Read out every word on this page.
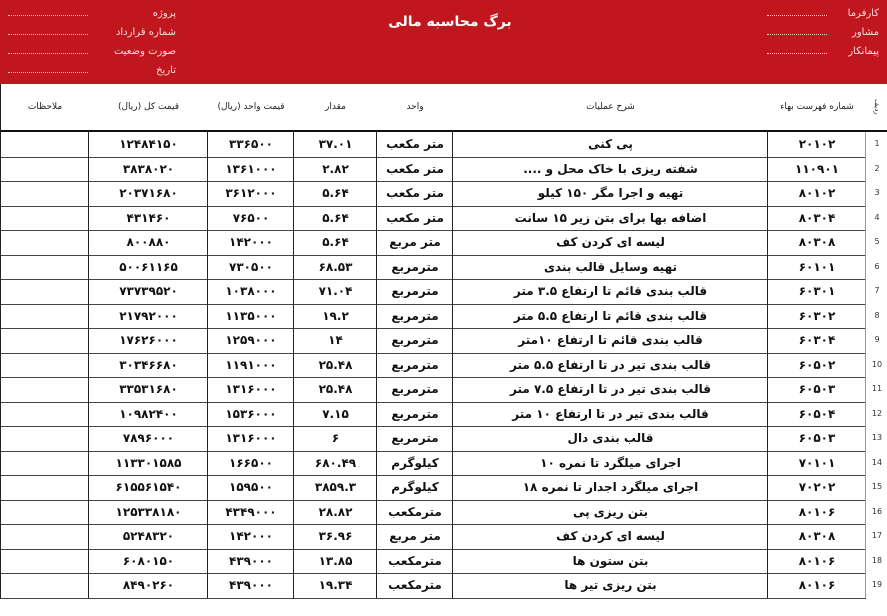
برگ محاسبه مالی
کارفرما
مشاور
پیمانکار
پروژه
شماره قرارداد
صورت وضعیت
تاریخ
ردیف
شماره فهرست بهاء
شرح عملیات
واحد
مقدار
قیمت واحد (ریال)
قیمت کل (ریال)
ملاحظات
1
۲۰۱۰۲
پی کنی
متر مکعب
۳۷.۰۱
۳۳۶۵۰۰
۱۲۴۸۴۱۵۰
2
۱۱۰۹۰۱
شفته ریزی با خاک محل و ....
متر مکعب
۲.۸۲
۱۳۶۱۰۰۰
۳۸۳۸۰۲۰
3
۸۰۱۰۲
تهیه و اجرا مگر ۱۵۰ کیلو
متر مکعب
۵.۶۴
۳۶۱۲۰۰۰
۲۰۳۷۱۶۸۰
4
۸۰۳۰۴
اضافه بها برای بتن زیر ۱۵ سانت
متر مکعب
۵.۶۴
۷۶۵۰۰
۴۳۱۴۶۰
5
۸۰۳۰۸
لیسه ای کردن کف
متر مربع
۵.۶۴
۱۴۲۰۰۰
۸۰۰۸۸۰
6
۶۰۱۰۱
تهیه وسایل قالب بندی
مترمربع
۶۸.۵۳
۷۳۰۵۰۰
۵۰۰۶۱۱۶۵
7
۶۰۳۰۱
قالب بندی قائم تا ارتفاع ۳.۵ متر
مترمربع
۷۱.۰۴
۱۰۳۸۰۰۰
۷۳۷۳۹۵۲۰
8
۶۰۳۰۲
قالب بندی قائم تا ارتفاع ۵.۵ متر
مترمربع
۱۹.۲
۱۱۳۵۰۰۰
۲۱۷۹۲۰۰۰
9
۶۰۳۰۴
قالب بندی قائم تا ارتفاع ۱۰متر
مترمربع
۱۴
۱۲۵۹۰۰۰
۱۷۶۲۶۰۰۰
10
۶۰۵۰۲
قالب بندی تیر در تا ارتفاع ۵.۵ متر
مترمربع
۲۵.۴۸
۱۱۹۱۰۰۰
۳۰۳۴۶۶۸۰
11
۶۰۵۰۳
قالب بندی تیر در تا ارتفاع ۷.۵ متر
مترمربع
۲۵.۴۸
۱۳۱۶۰۰۰
۳۳۵۳۱۶۸۰
12
۶۰۵۰۴
قالب بندی تیر در تا ارتفاع ۱۰ متر
مترمربع
۷.۱۵
۱۵۳۶۰۰۰
۱۰۹۸۲۴۰۰
13
۶۰۵۰۳
قالب بندی دال
مترمربع
۶
۱۳۱۶۰۰۰
۷۸۹۶۰۰۰
14
۷۰۱۰۱
اجرای میلگرد تا نمره ۱۰
کیلوگرم
۶۸۰.۴۹
۱۶۶۵۰۰
۱۱۳۳۰۱۵۸۵
15
۷۰۲۰۲
اجرای میلگرد اجدار تا نمره ۱۸
کیلوگرم
۳۸۵۹.۳
۱۵۹۵۰۰
۶۱۵۵۶۱۵۴۰
16
۸۰۱۰۶
بتن ریزی پی
مترمکعب
۲۸.۸۲
۴۳۴۹۰۰۰
۱۲۵۳۳۸۱۸۰
17
۸۰۳۰۸
لیسه ای کردن کف
متر مربع
۳۶.۹۶
۱۴۲۰۰۰
۵۲۴۸۳۲۰
18
۸۰۱۰۶
بتن ستون ها
مترمکعب
۱۳.۸۵
۴۳۹۰۰۰
۶۰۸۰۱۵۰
19
۸۰۱۰۶
بتن ریزی تیر ها
مترمکعب
۱۹.۳۴
۴۳۹۰۰۰
۸۴۹۰۲۶۰
